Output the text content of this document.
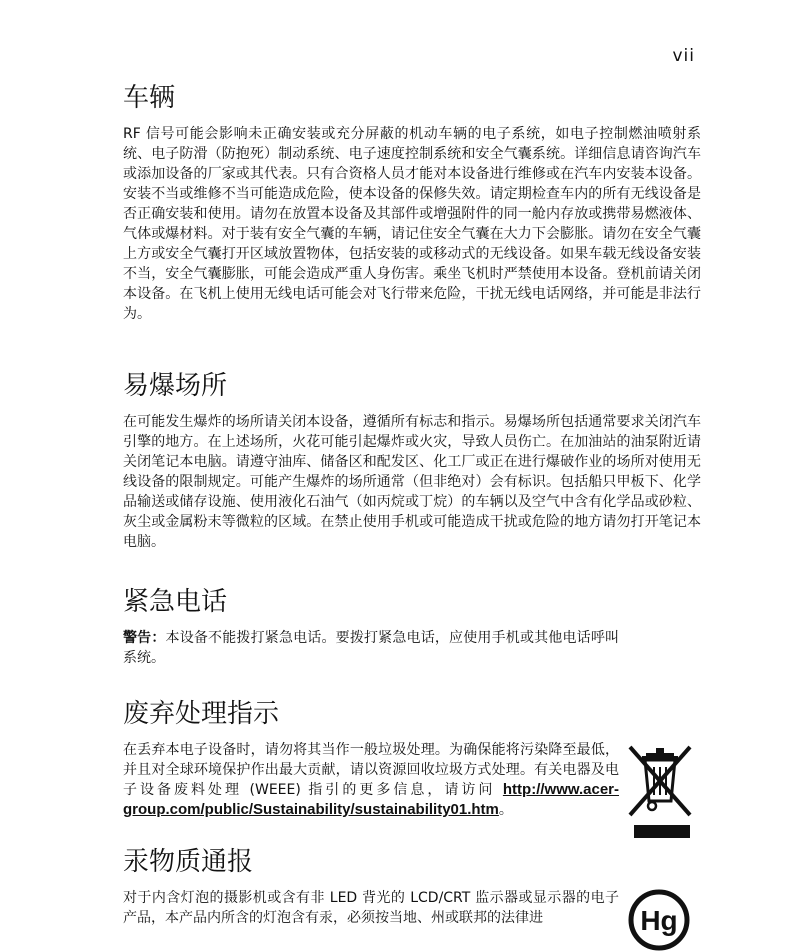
vii
车辆

RF 信号可能会影响未正确安装或充分屏蔽的机动车辆的电子系统，如电子控制燃油喷射系统、电子防滑（防抱死）制动系统、电子速度控制系统和安全气囊系统。详细信息请咨询汽车或添加设备的厂家或其代表。只有合资格人员才能对本设备进行维修或在汽车内安装本设备。安装不当或维修不当可能造成危险，使本设备的保修失效。请定期检查车内的所有无线设备是否正确安装和使用。请勿在放置本设备及其部件或增强附件的同一舱内存放或携带易燃液体、气体或爆材料。对于装有安全气囊的车辆，请记住安全气囊在大力下会膨胀。请勿在安全气囊上方或安全气囊打开区域放置物体，包括安装的或移动式的无线设备。如果车载无线设备安装不当，安全气囊膨胀，可能会造成严重人身伤害。乘坐飞机时严禁使用本设备。登机前请关闭本设备。在飞机上使用无线电话可能会对飞行带来危险，干扰无线电话网络，并可能是非法行为。

易爆场所

在可能发生爆炸的场所请关闭本设备，遵循所有标志和指示。易爆场所包括通常要求关闭汽车引擎的地方。在上述场所，火花可能引起爆炸或火灾，导致人员伤亡。在加油站的油泵附近请关闭笔记本电脑。请遵守油库、储备区和配发区、化工厂或正在进行爆破作业的场所对使用无线设备的限制规定。可能产生爆炸的场所通常（但非绝对）会有标识。包括船只甲板下、化学品输送或储存设施、使用液化石油气（如丙烷或丁烷）的车辆以及空气中含有化学品或砂粒、灰尘或金属粉末等微粒的区域。在禁止使用手机或可能造成干扰或危险的地方请勿打开笔记本电脑。

紧急电话

警告：本设备不能拨打紧急电话。要拨打紧急电话，应使用手机或其他电话呼叫系统。

废弃处理指示

在丢弃本电子设备时，请勿将其当作一般垃圾处理。为确保能将污染降至最低，并且对全球环境保护作出最大贡献，请以资源回收垃圾方式处理。有关电器及电子设备废料处理 (WEEE) 指引的更多信息，请访问 http://www.acer-group.com/public/Sustainability/sustainability01.htm。

汞物质通报

对于内含灯泡的摄影机或含有非 LED 背光的 LCD/CRT 监示器或显示器的电子产品，本产品内所含的灯泡含有汞，必须按当地、州或联邦的法律进	Hg
